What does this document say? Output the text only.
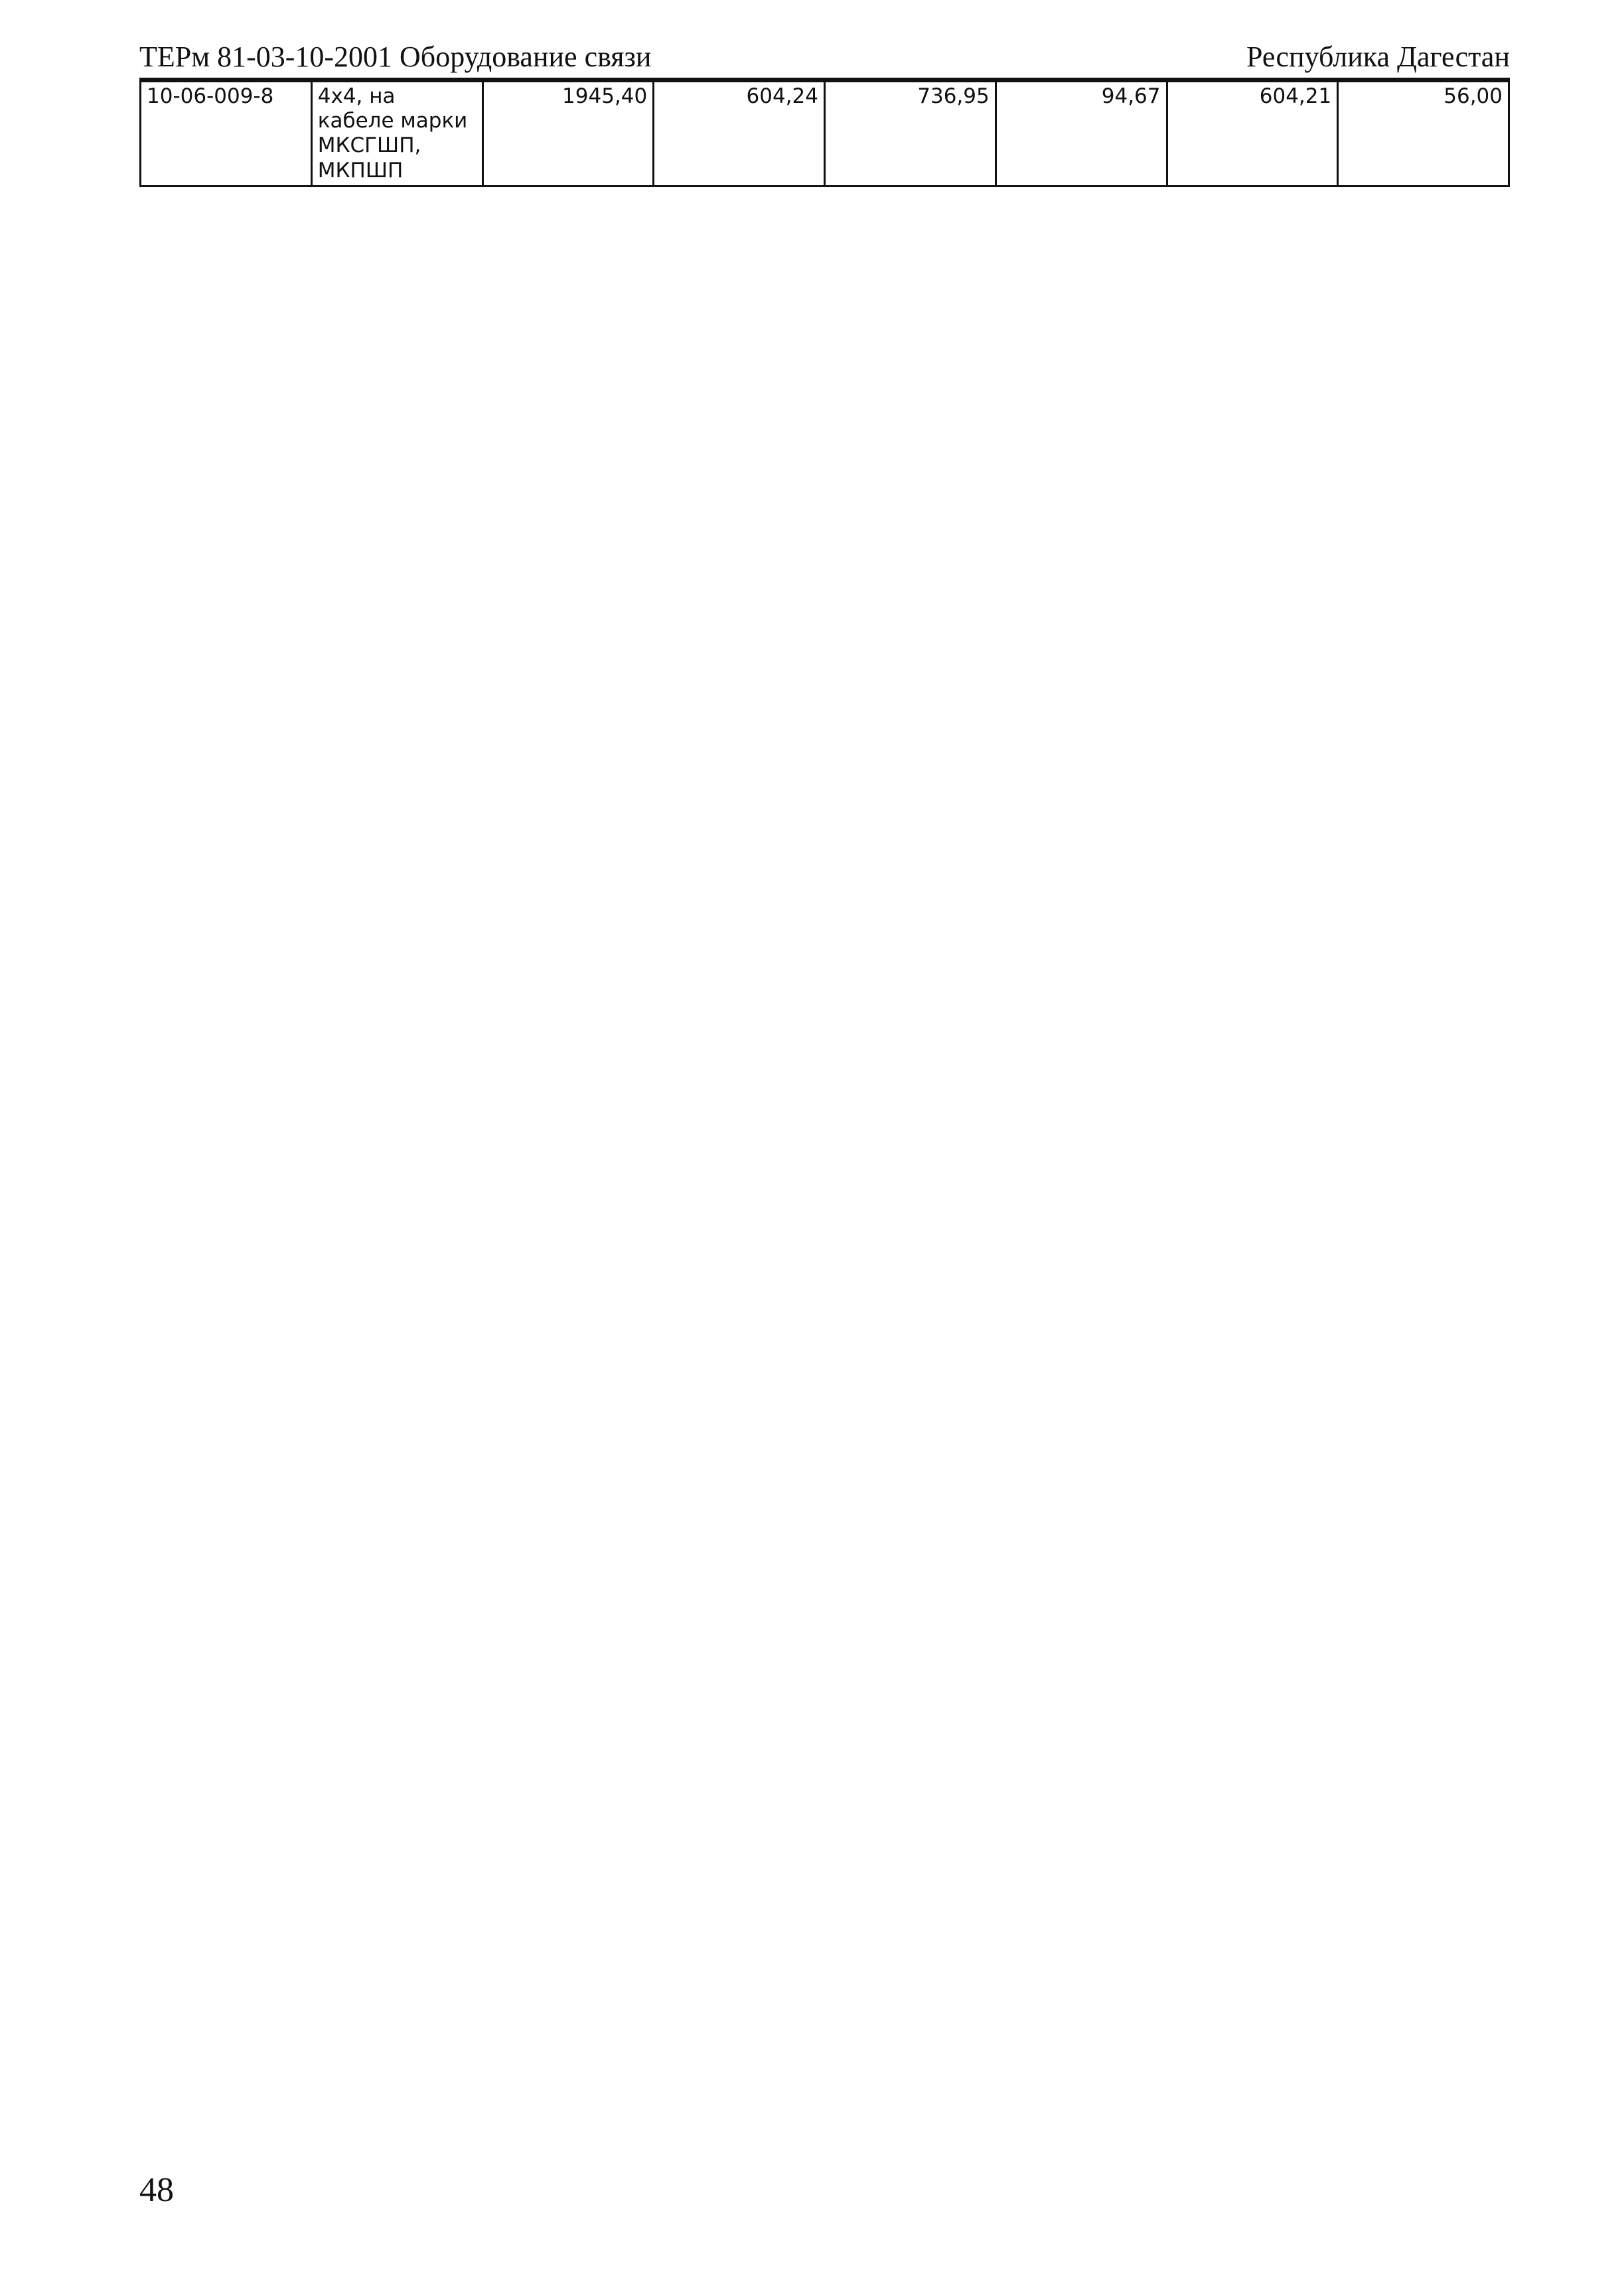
ТЕРм 81-03-10-2001 Оборудование связи	Республика Дагестан
10-06-009-8	4х4, на кабеле марки МКСГШП, МКПШП	1945,40	604,24	736,95	94,67	604,21	56,00
48
